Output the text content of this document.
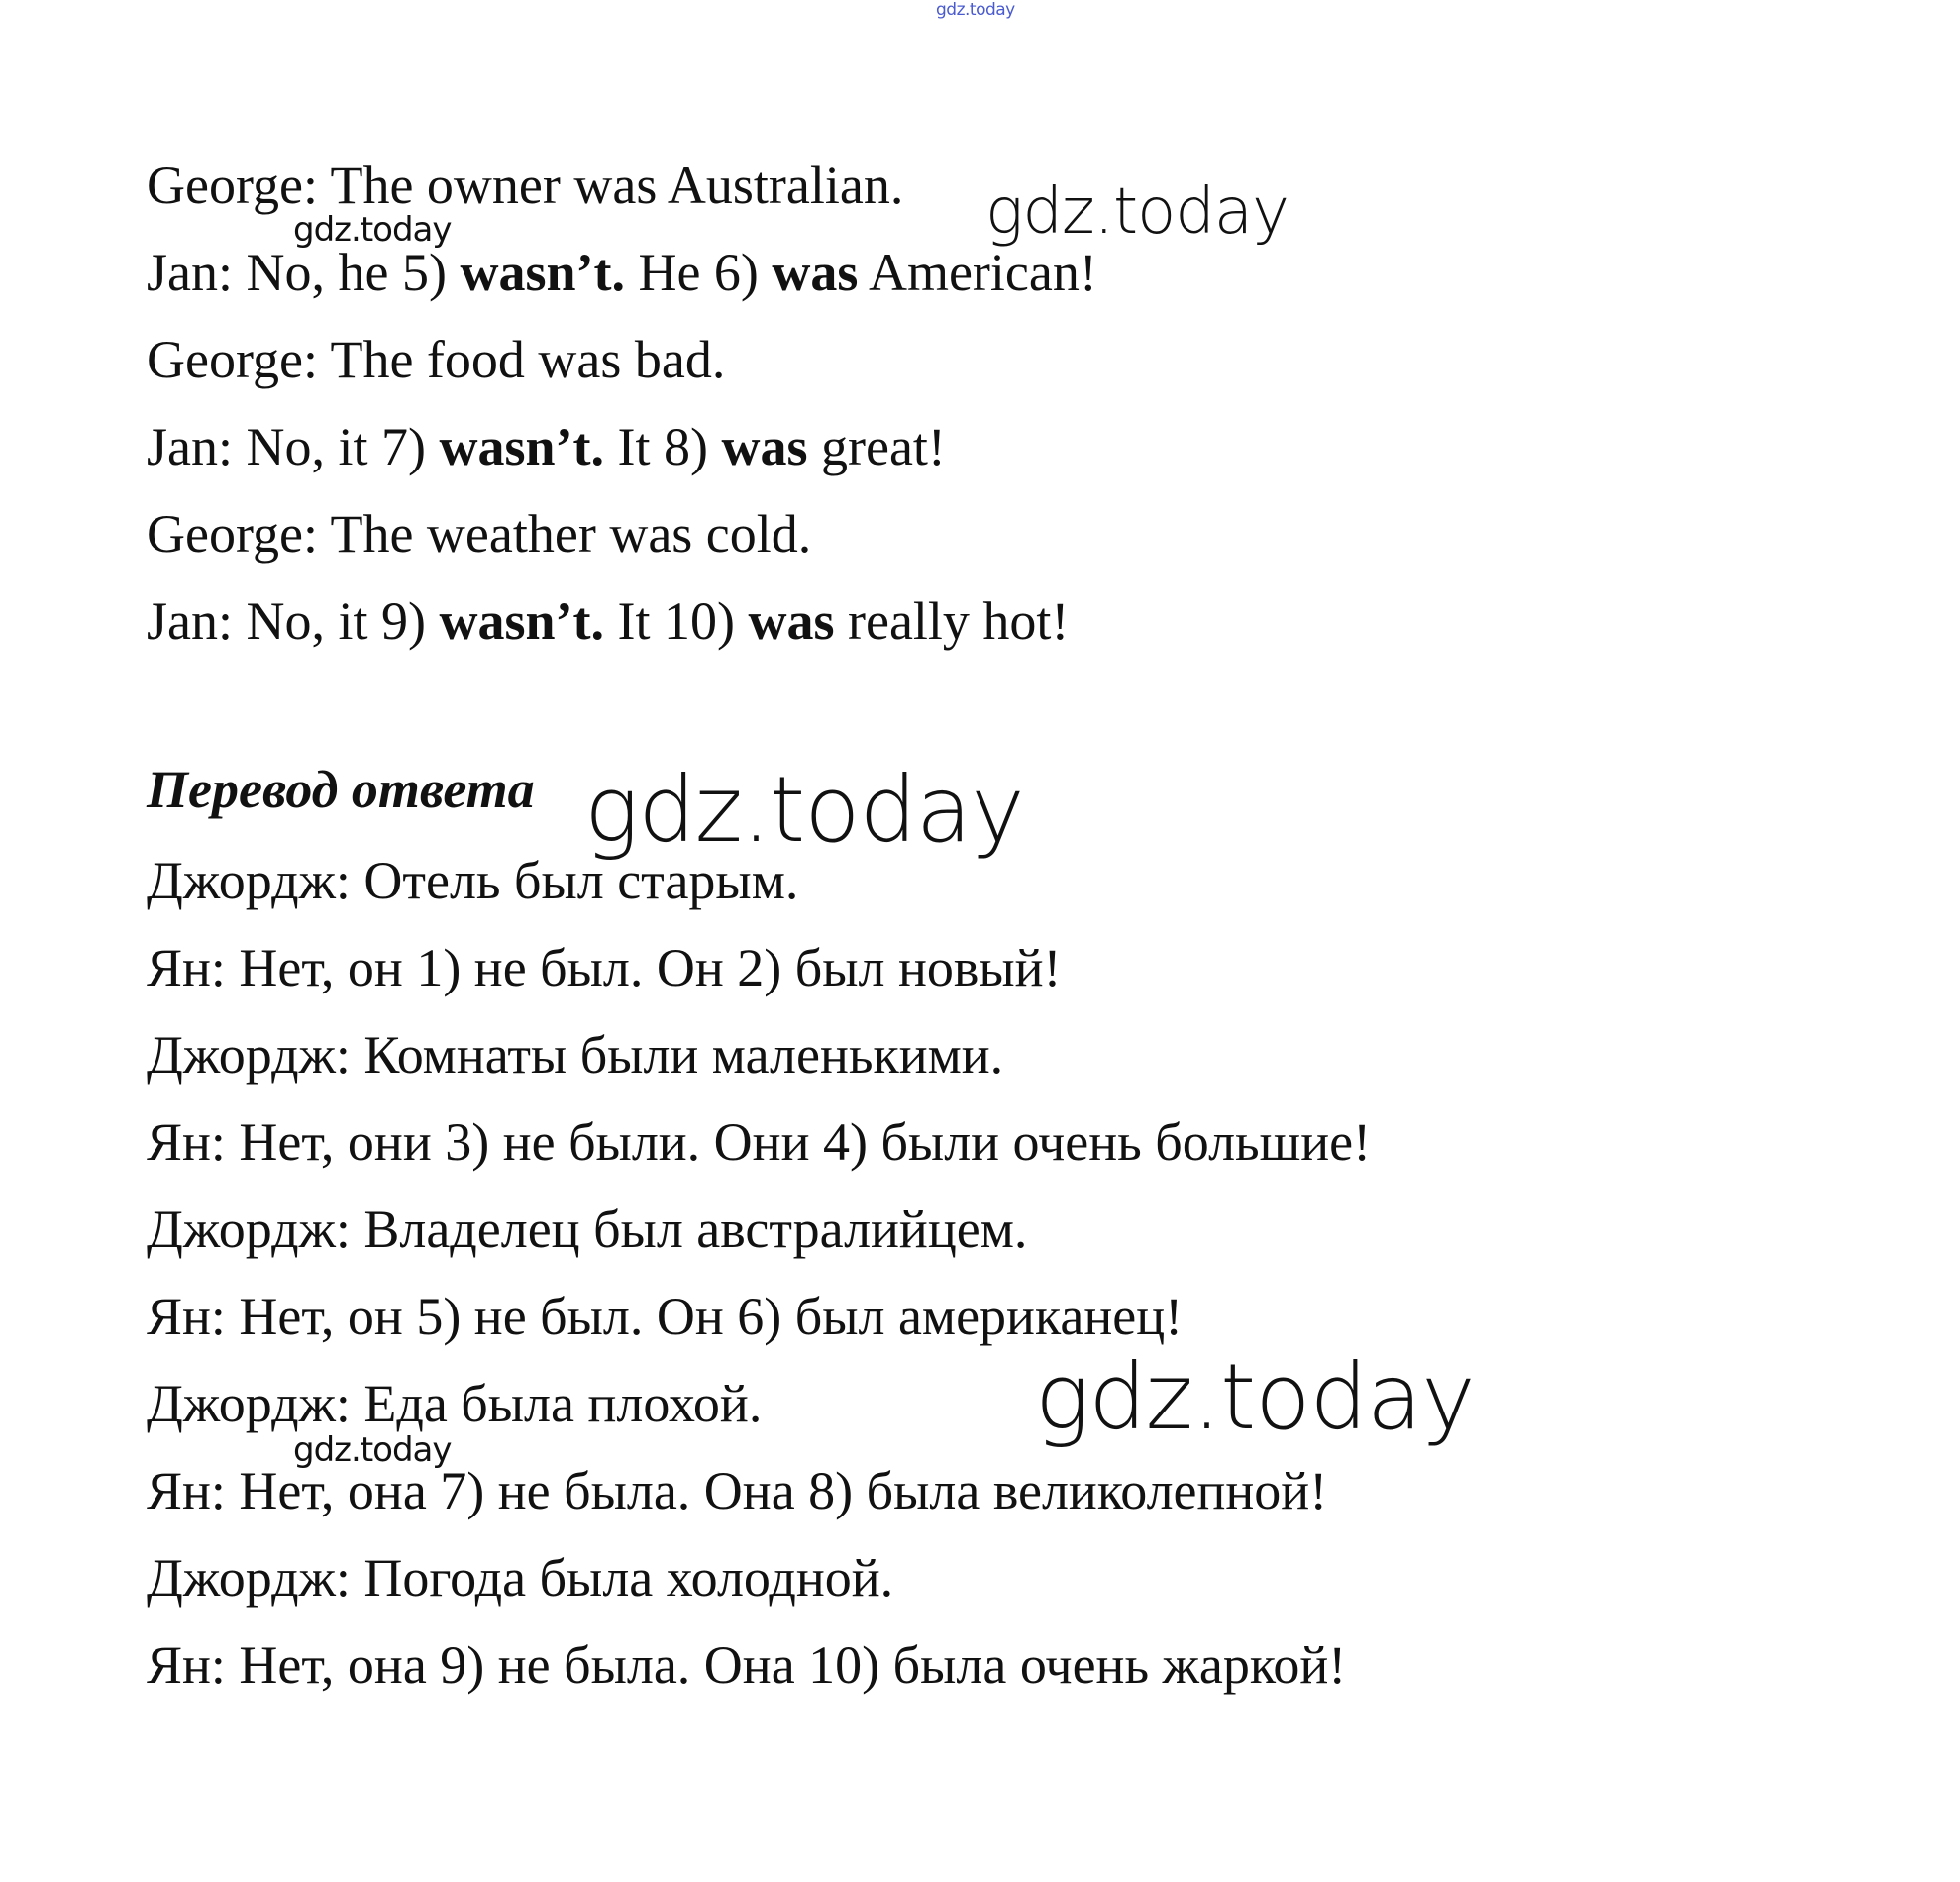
gdz.today
George: The owner was Australian.
Jan: No, he 5) wasn’t. He 6) was American!
George: The food was bad.
Jan: No, it 7) wasn’t. It 8) was great!
George: The weather was cold.
Jan: No, it 9) wasn’t. It 10) was really hot!
Перевод ответа
Джордж: Отель был старым.
Ян: Нет, он 1) не был. Он 2) был новый!
Джордж: Комнаты были маленькими.
Ян: Нет, они 3) не были. Они 4) были очень большие!
Джордж: Владелец был австралийцем.
Ян: Нет, он 5) не был. Он 6) был американец!
Джордж: Еда была плохой.
Ян: Нет, она 7) не была. Она 8) была великолепной!
Джордж: Погода была холодной.
Ян: Нет, она 9) не была. Она 10) была очень жаркой!
gdz.today
gdz.today
gdz.today
gdz.today
gdz.today
